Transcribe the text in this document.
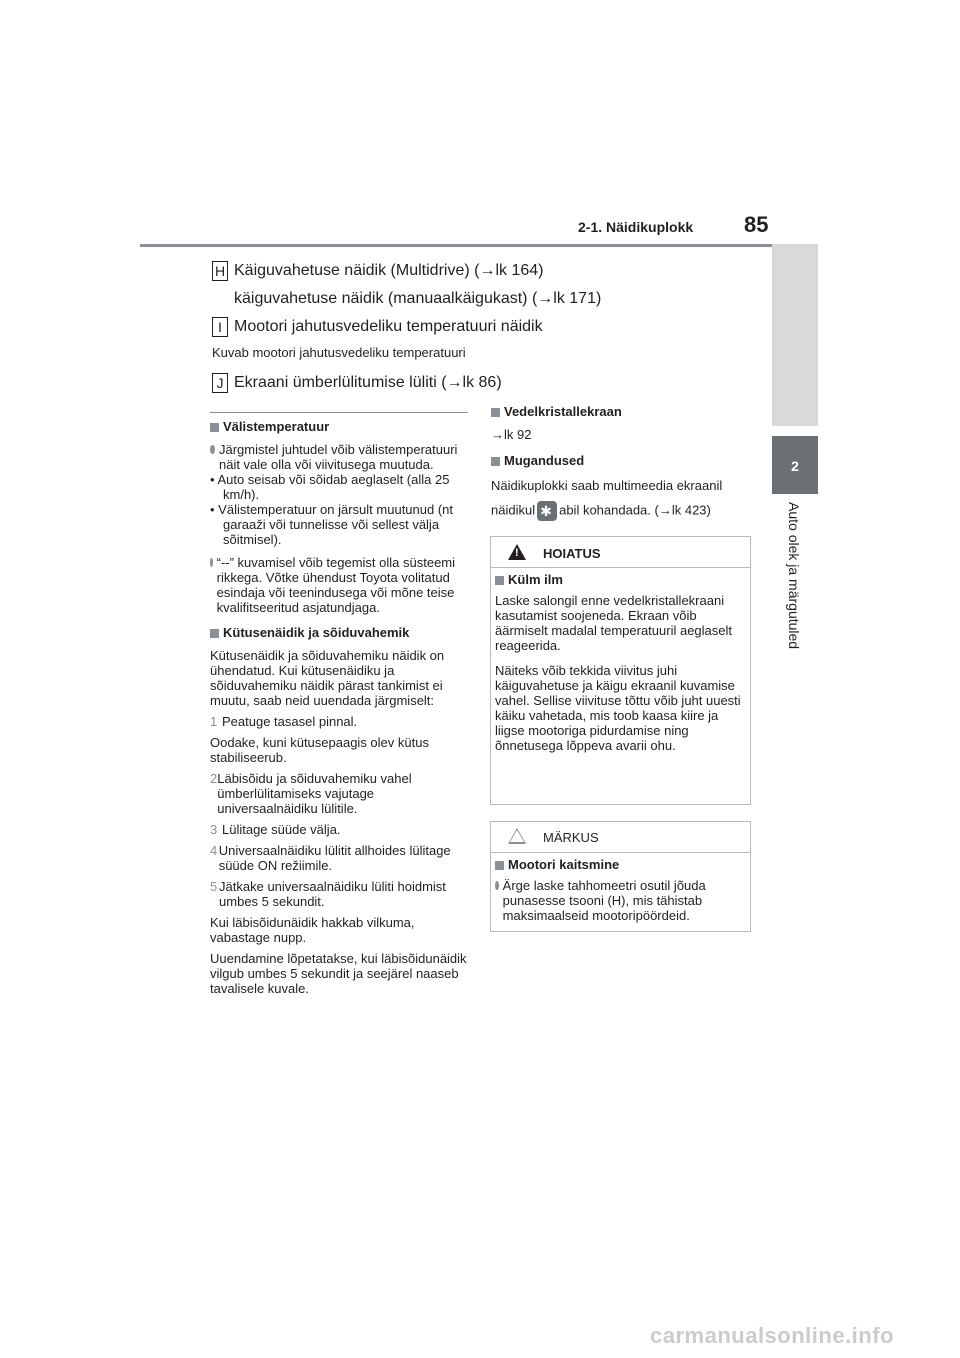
2-1. Näidikuplokk 85
2
Auto olek ja märgutuled

H Käiguvahetuse näidik (Multidrive) (→lk 164)

käiguvahetuse näidik (manuaalkäigukast) (→lk 171)

I Mootori jahutusvedeliku temperatuuri näidik

Kuvab mootori jahutusvedeliku temperatuuri

J Ekraani ümberlülitumise lüliti (→lk 86)

Välistemperatuur

Järgmistel juhtudel võib välistemperatuuri näit vale olla või viivitusega muutuda.
• Auto seisab või sõidab aeglaselt (alla 25 km/h).
• Välistemperatuur on järsult muutunud (nt garaaži või tunnelisse või sellest välja sõitmisel).
“--” kuvamisel võib tegemist olla süsteemi rikkega. Võtke ühendust Toyota volitatud esindaja või teenindusega või mõne teise kvalifitseeritud asjatundjaga.

Kütusenäidik ja sõiduvahemik

Kütusenäidik ja sõiduvahemiku näidik on ühendatud. Kui kütusenäidiku ja sõiduvahemiku näidik pärast tankimist ei muutu, saab neid uuendada järgmiselt:
1 Peatuge tasasel pinnal.
Oodake, kuni kütusepaagis olev kütus stabiliseerub.
2 Läbisõidu ja sõiduvahemiku vahel ümberlülitamiseks vajutage universaalnäidiku lülitile.
3 Lülitage süüde välja.
4 Universaalnäidiku lülitit allhoides lülitage süüde ON režiimile.
5 Jätkake universaalnäidiku lüliti hoidmist umbes 5 sekundit.
Kui läbisõidunäidik hakkab vilkuma, vabastage nupp.
Uuendamine lõpetatakse, kui läbisõidunäidik vilgub umbes 5 sekundit ja seejärel naaseb tavalisele kuvale.

Vedelkristallekraan

→lk 92

Mugandused

Näidikuplokki saab multimeedia ekraanil
näidikul✱ abil kohandada. (→lk 423)
!
HOIATUS

Külm ilm

Laske salongil enne vedelkristallekraani kasutamist soojeneda. Ekraan võib äärmiselt madalal temperatuuril aeglaselt reageerida.

Näiteks võib tekkida viivitus juhi käiguvahetuse ja käigu ekraanil kuvamise vahel. Sellise viivituse tõttu võib juht uuesti käiku vahetada, mis toob kaasa kiire ja liigse mootoriga pidurdamise ning õnnetusega lõppeva avarii ohu.

MÄRKUS

Mootori kaitsmine

Ärge laske tahhomeetri osutil jõuda punasesse tsooni (H), mis tähistab maksimaalseid mootoripöördeid.
carmanualsonline.info
